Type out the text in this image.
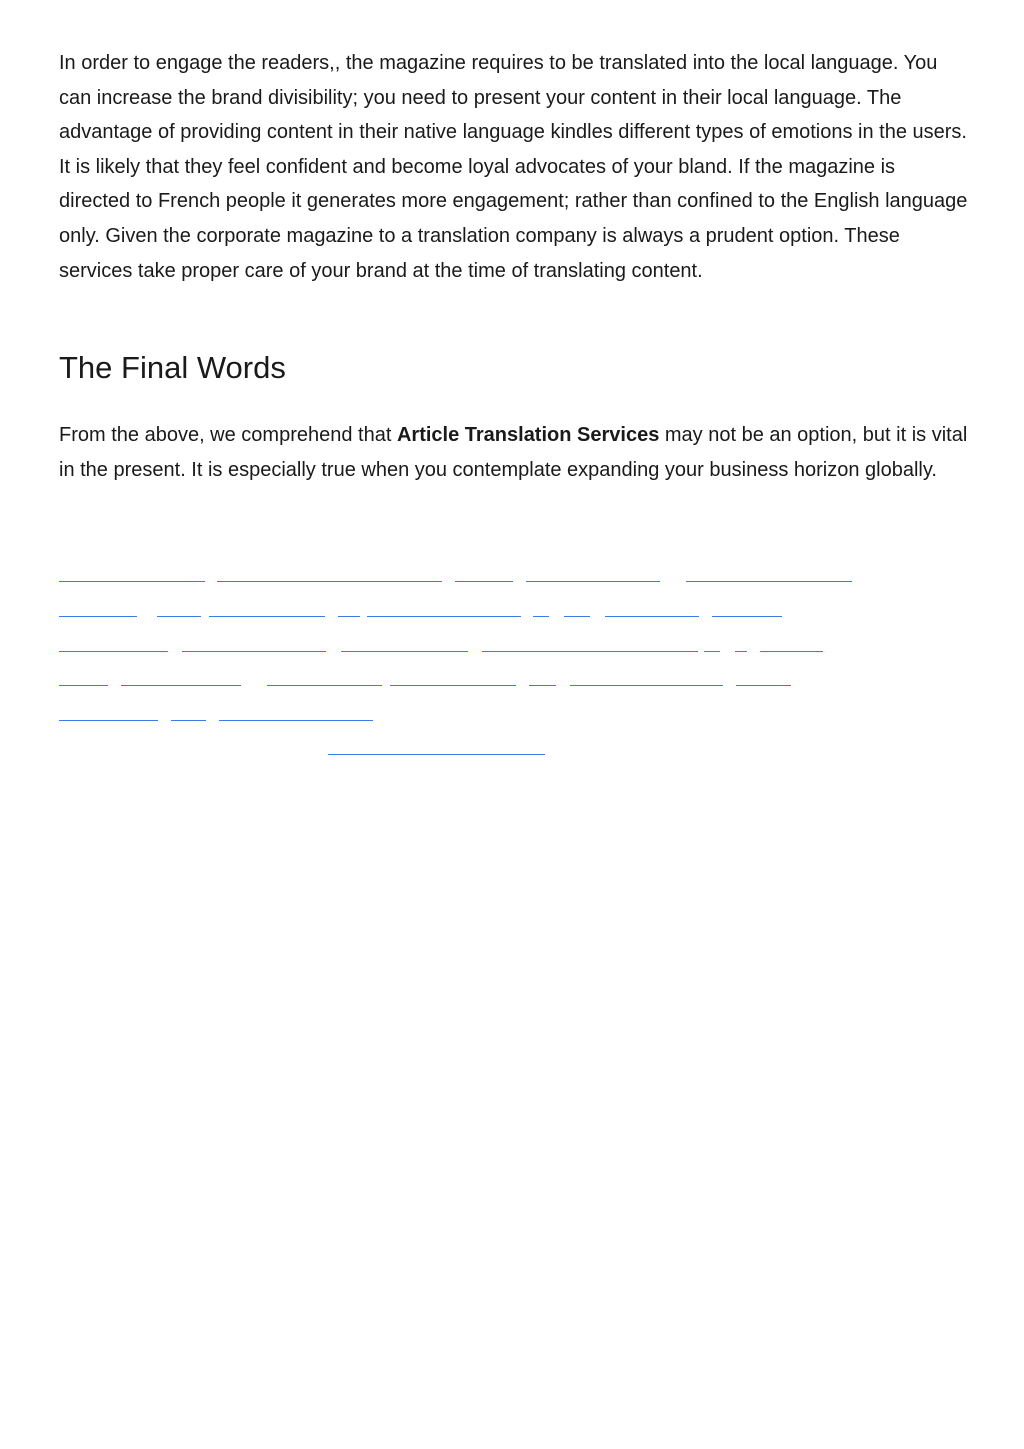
In order to engage the readers,, the magazine requires to be translated into the local language. You can increase the brand divisibility; you need to present your content in their local language. The advantage of providing content in their native language kindles different types of emotions in the users. It is likely that they feel confident and become loyal advocates of your bland. If the magazine is directed to French people it generates more engagement; rather than confined to the English language only. Given the corporate magazine to a translation company is always a prudent option. These services take proper care of your brand at the time of translating content.

The Final Words

From the above, we comprehend that Article Translation Services may not be an option, but it is vital in the present. It is especially true when you contemplate expanding your business horizon globally.
